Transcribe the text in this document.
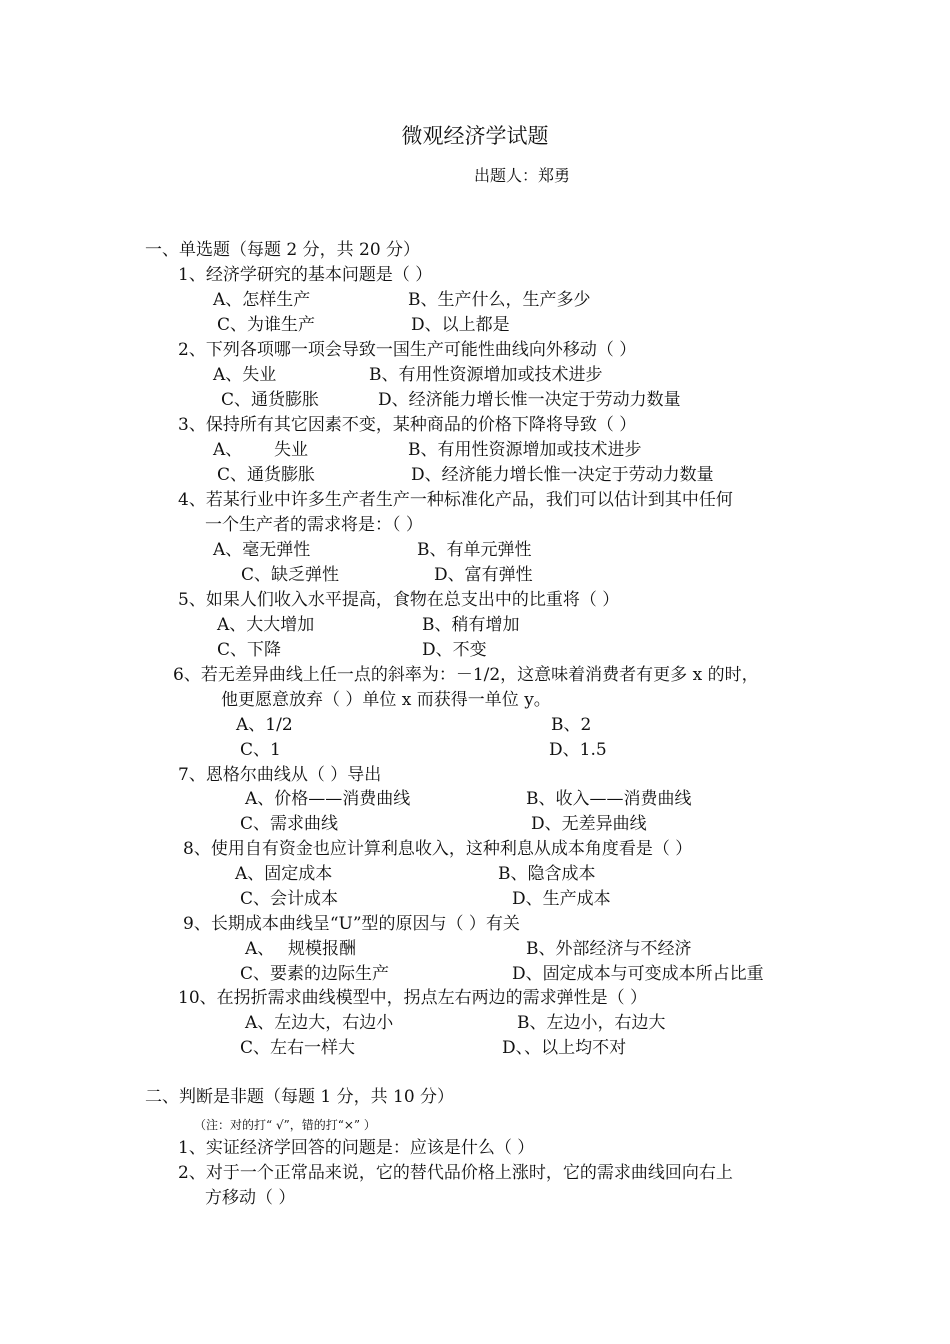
微观经济学试题
出题人：郑勇
一、单选题（每题 2 分，共 20 分）
1、经济学研究的基本问题是（ ）
A、怎样生产	B、生产什么，生产多少
C、为谁生产	D、以上都是
2、下列各项哪一项会导致一国生产可能性曲线向外移动（ ）
A、失业	B、有用性资源增加或技术进步
C、通货膨胀	D、经济能力增长惟一决定于劳动力数量
3、保持所有其它因素不变，某种商品的价格下降将导致（ ）
A、 失业	B、有用性资源增加或技术进步
C、通货膨胀	D、经济能力增长惟一决定于劳动力数量
4、若某行业中许多生产者生产一种标准化产品，我们可以估计到其中任何
一个生产者的需求将是：（ ）
A、毫无弹性	B、有单元弹性
C、缺乏弹性	D、富有弹性
5、如果人们收入水平提高，食物在总支出中的比重将（ ）
A、大大增加	B、稍有增加
C、下降	D、不变
6、若无差异曲线上任一点的斜率为：－1/2，这意味着消费者有更多 x 的时，
他更愿意放弃（ ）单位 x 而获得一单位 y。
A、1/2	B、2
C、1	D、1.5
7、恩格尔曲线从（ ）导出
A、价格——消费曲线	B、收入——消费曲线
C、需求曲线	D、无差异曲线
8、使用自有资金也应计算利息收入，这种利息从成本角度看是（ ）
A、固定成本	B、隐含成本
C、会计成本	D、生产成本
9、长期成本曲线呈“U”型的原因与（ ）有关
A、 规模报酬	B、外部经济与不经济
C、要素的边际生产	D、固定成本与可变成本所占比重
10、在拐折需求曲线模型中，拐点左右两边的需求弹性是（ ）
A、左边大，右边小	B、左边小，右边大
C、左右一样大	D、、以上均不对
二、判断是非题（每题 1 分，共 10 分）
（注：对的打“ √”，错的打“×” ）
1、实证经济学回答的问题是：应该是什么（ ）
2、对于一个正常品来说，它的替代品价格上涨时，它的需求曲线回向右上
方移动（ ）
